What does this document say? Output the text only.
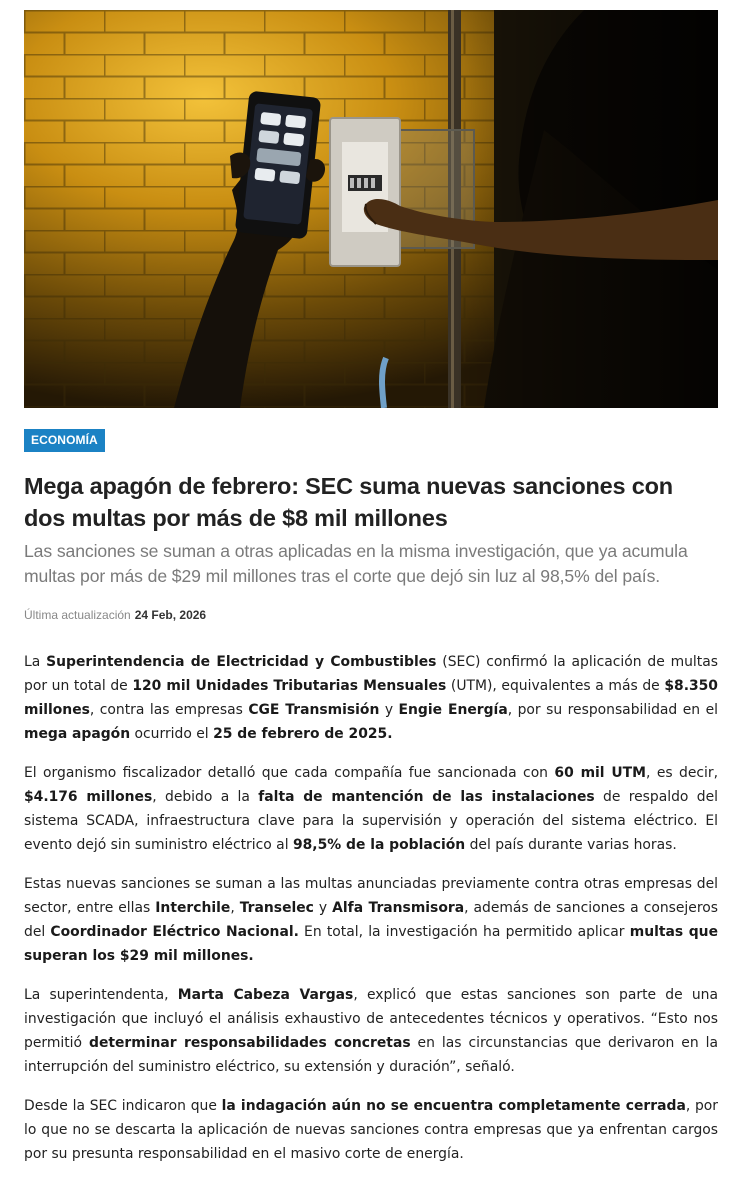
ECONOMÍA
Mega apagón de febrero: SEC suma nuevas sanciones con dos multas por más de $8 mil millones

Las sanciones se suman a otras aplicadas en la misma investigación, que ya acumula multas por más de $29 mil millones tras el corte que dejó sin luz al 98,5% del país.

Última actualización 24 Feb, 2026

La Superintendencia de Electricidad y Combustibles (SEC) confirmó la aplicación de multas por un total de 120 mil Unidades Tributarias Mensuales (UTM), equivalentes a más de $8.350 millones, contra las empresas CGE Transmisión y Engie Energía, por su responsabilidad en el mega apagón ocurrido el 25 de febrero de 2025.

El organismo fiscalizador detalló que cada compañía fue sancionada con 60 mil UTM, es decir, $4.176 millones, debido a la falta de mantención de las instalaciones de respaldo del sistema SCADA, infraestructura clave para la supervisión y operación del sistema eléctrico. El evento dejó sin suministro eléctrico al 98,5% de la población del país durante varias horas.

Estas nuevas sanciones se suman a las multas anunciadas previamente contra otras empresas del sector, entre ellas Interchile, Transelec y Alfa Transmisora, además de sanciones a consejeros del Coordinador Eléctrico Nacional. En total, la investigación ha permitido aplicar multas que superan los $29 mil millones.

La superintendenta, Marta Cabeza Vargas, explicó que estas sanciones son parte de una investigación que incluyó el análisis exhaustivo de antecedentes técnicos y operativos. “Esto nos permitió determinar responsabilidades concretas en las circunstancias que derivaron en la interrupción del suministro eléctrico, su extensión y duración”, señaló.

Desde la SEC indicaron que la indagación aún no se encuentra completamente cerrada, por lo que no se descarta la aplicación de nuevas sanciones contra empresas que ya enfrentan cargos por su presunta responsabilidad en el masivo corte de energía.
